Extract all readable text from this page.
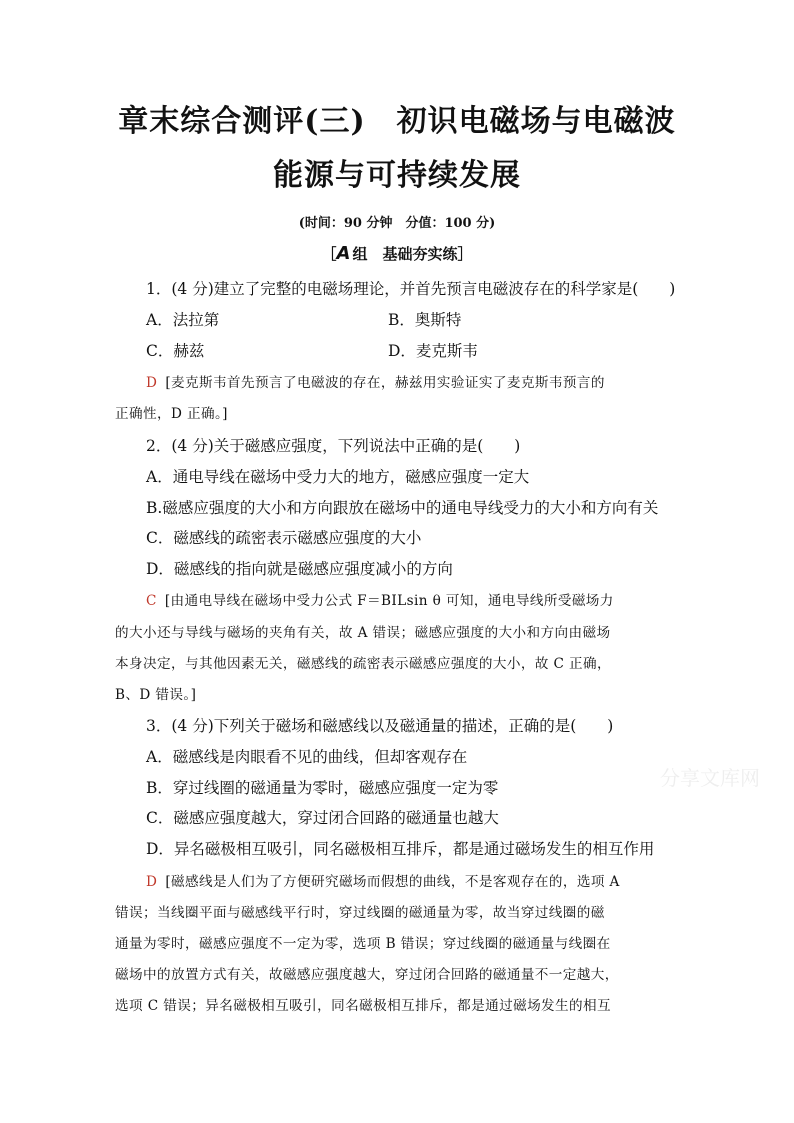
章末综合测评(三)　初识电磁场与电磁波
能源与可持续发展
(时间：90 分钟　分值：100 分)
［A 组　基础夯实练］
1．(4 分)建立了完整的电磁场理论，并首先预言电磁波存在的科学家是(　　)
A．法拉第	B．奥斯特
C．赫兹	D．麦克斯韦
D [麦克斯韦首先预言了电磁波的存在，赫兹用实验证实了麦克斯韦预言的
正确性，D 正确。]
2．(4 分)关于磁感应强度，下列说法中正确的是(　　)
A．通电导线在磁场中受力大的地方，磁感应强度一定大
B.磁感应强度的大小和方向跟放在磁场中的通电导线受力的大小和方向有关
C．磁感线的疏密表示磁感应强度的大小
D．磁感线的指向就是磁感应强度减小的方向
C [由通电导线在磁场中受力公式 F＝BILsin θ 可知，通电导线所受磁场力
的大小还与导线与磁场的夹角有关，故 A 错误；磁感应强度的大小和方向由磁场
本身决定，与其他因素无关，磁感线的疏密表示磁感应强度的大小，故 C 正确，
B、D 错误。]
3．(4 分)下列关于磁场和磁感线以及磁通量的描述，正确的是(　　)
A．磁感线是肉眼看不见的曲线，但却客观存在
B．穿过线圈的磁通量为零时，磁感应强度一定为零
C．磁感应强度越大，穿过闭合回路的磁通量也越大
D．异名磁极相互吸引，同名磁极相互排斥，都是通过磁场发生的相互作用
D [磁感线是人们为了方便研究磁场而假想的曲线，不是客观存在的，选项 A
错误；当线圈平面与磁感线平行时，穿过线圈的磁通量为零，故当穿过线圈的磁
通量为零时，磁感应强度不一定为零，选项 B 错误；穿过线圈的磁通量与线圈在
磁场中的放置方式有关，故磁感应强度越大，穿过闭合回路的磁通量不一定越大，
选项 C 错误；异名磁极相互吸引，同名磁极相互排斥，都是通过磁场发生的相互
分享文库网
